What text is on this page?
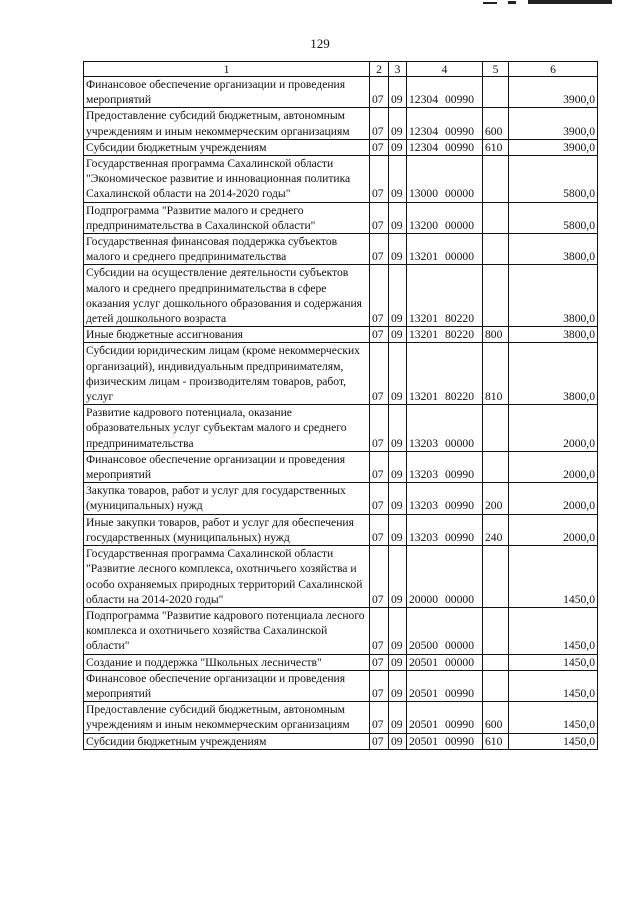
129
1	2	3	4	5	6
Финансовое обеспечение организации и проведения мероприятий	07	09	12304 00990		3900,0
Предоставление субсидий бюджетным, автономным учреждениям и иным некоммерческим организациям	07	09	12304 00990	600	3900,0
Субсидии бюджетным учреждениям	07	09	12304 00990	610	3900,0
Государственная программа Сахалинской области "Экономическое развитие и инновационная политика Сахалинской области на 2014-2020 годы"	07	09	13000 00000		5800,0
Подпрограмма "Развитие малого и среднего предпринимательства в Сахалинской области"	07	09	13200 00000		5800,0
Государственная финансовая поддержка субъектов малого и среднего предпринимательства	07	09	13201 00000		3800,0
Субсидии на осуществление деятельности субъектов малого и среднего предпринимательства в сфере оказания услуг дошкольного образования и содержания детей дошкольного возраста	07	09	13201 80220		3800,0
Иные бюджетные ассигнования	07	09	13201 80220	800	3800,0
Субсидии юридическим лицам (кроме некоммерческих организаций), индивидуальным предпринимателям, физическим лицам - производителям товаров, работ, услуг	07	09	13201 80220	810	3800,0
Развитие кадрового потенциала, оказание образовательных услуг субъектам малого и среднего предпринимательства	07	09	13203 00000		2000,0
Финансовое обеспечение организации и проведения мероприятий	07	09	13203 00990		2000,0
Закупка товаров, работ и услуг для государственных (муниципальных) нужд	07	09	13203 00990	200	2000,0
Иные закупки товаров, работ и услуг для обеспечения государственных (муниципальных) нужд	07	09	13203 00990	240	2000,0
Государственная программа Сахалинской области "Развитие лесного комплекса, охотничьего хозяйства и особо охраняемых природных территорий Сахалинской области на 2014-2020 годы"	07	09	20000 00000		1450,0
Подпрограмма "Развитие кадрового потенциала лесного комплекса и охотничьего хозяйства Сахалинской области"	07	09	20500 00000		1450,0
Создание и поддержка "Школьных лесничеств"	07	09	20501 00000		1450,0
Финансовое обеспечение организации и проведения мероприятий	07	09	20501 00990		1450,0
Предоставление субсидий бюджетным, автономным учреждениям и иным некоммерческим организациям	07	09	20501 00990	600	1450,0
Субсидии бюджетным учреждениям	07	09	20501 00990	610	1450,0
